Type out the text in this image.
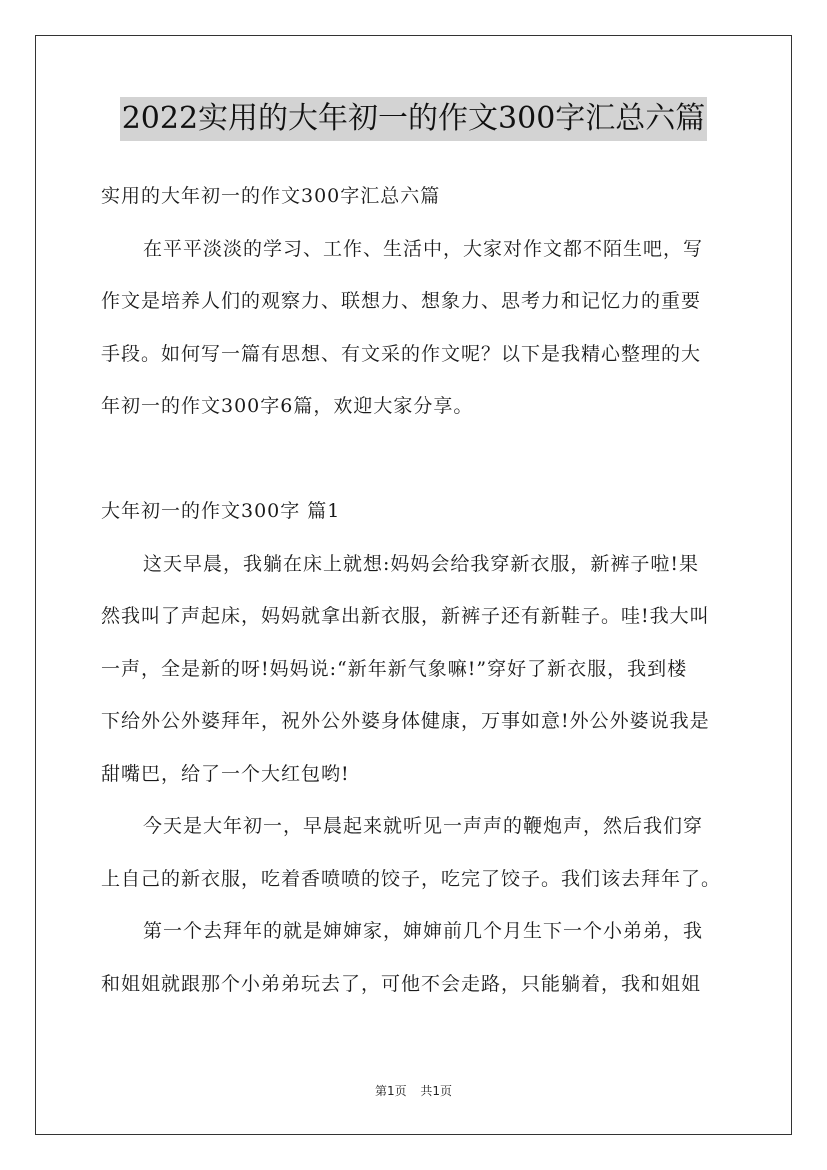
2022实用的大年初一的作文300字汇总六篇
实用的大年初一的作文300字汇总六篇
在平平淡淡的学习、工作、生活中，大家对作文都不陌生吧，写
作文是培养人们的观察力、联想力、想象力、思考力和记忆力的重要
手段。如何写一篇有思想、有文采的作文呢？以下是我精心整理的大
年初一的作文300字6篇，欢迎大家分享。
大年初一的作文300字 篇1
这天早晨，我躺在床上就想:妈妈会给我穿新衣服，新裤子啦!果
然我叫了声起床，妈妈就拿出新衣服，新裤子还有新鞋子。哇!我大叫
一声，全是新的呀!妈妈说:“新年新气象嘛!”穿好了新衣服，我到楼
下给外公外婆拜年，祝外公外婆身体健康，万事如意!外公外婆说我是
甜嘴巴，给了一个大红包哟!
今天是大年初一，早晨起来就听见一声声的鞭炮声，然后我们穿
上自己的新衣服，吃着香喷喷的饺子，吃完了饺子。我们该去拜年了。
第一个去拜年的就是婶婶家，婶婶前几个月生下一个小弟弟，我
和姐姐就跟那个小弟弟玩去了，可他不会走路，只能躺着，我和姐姐
第1页 共1页
